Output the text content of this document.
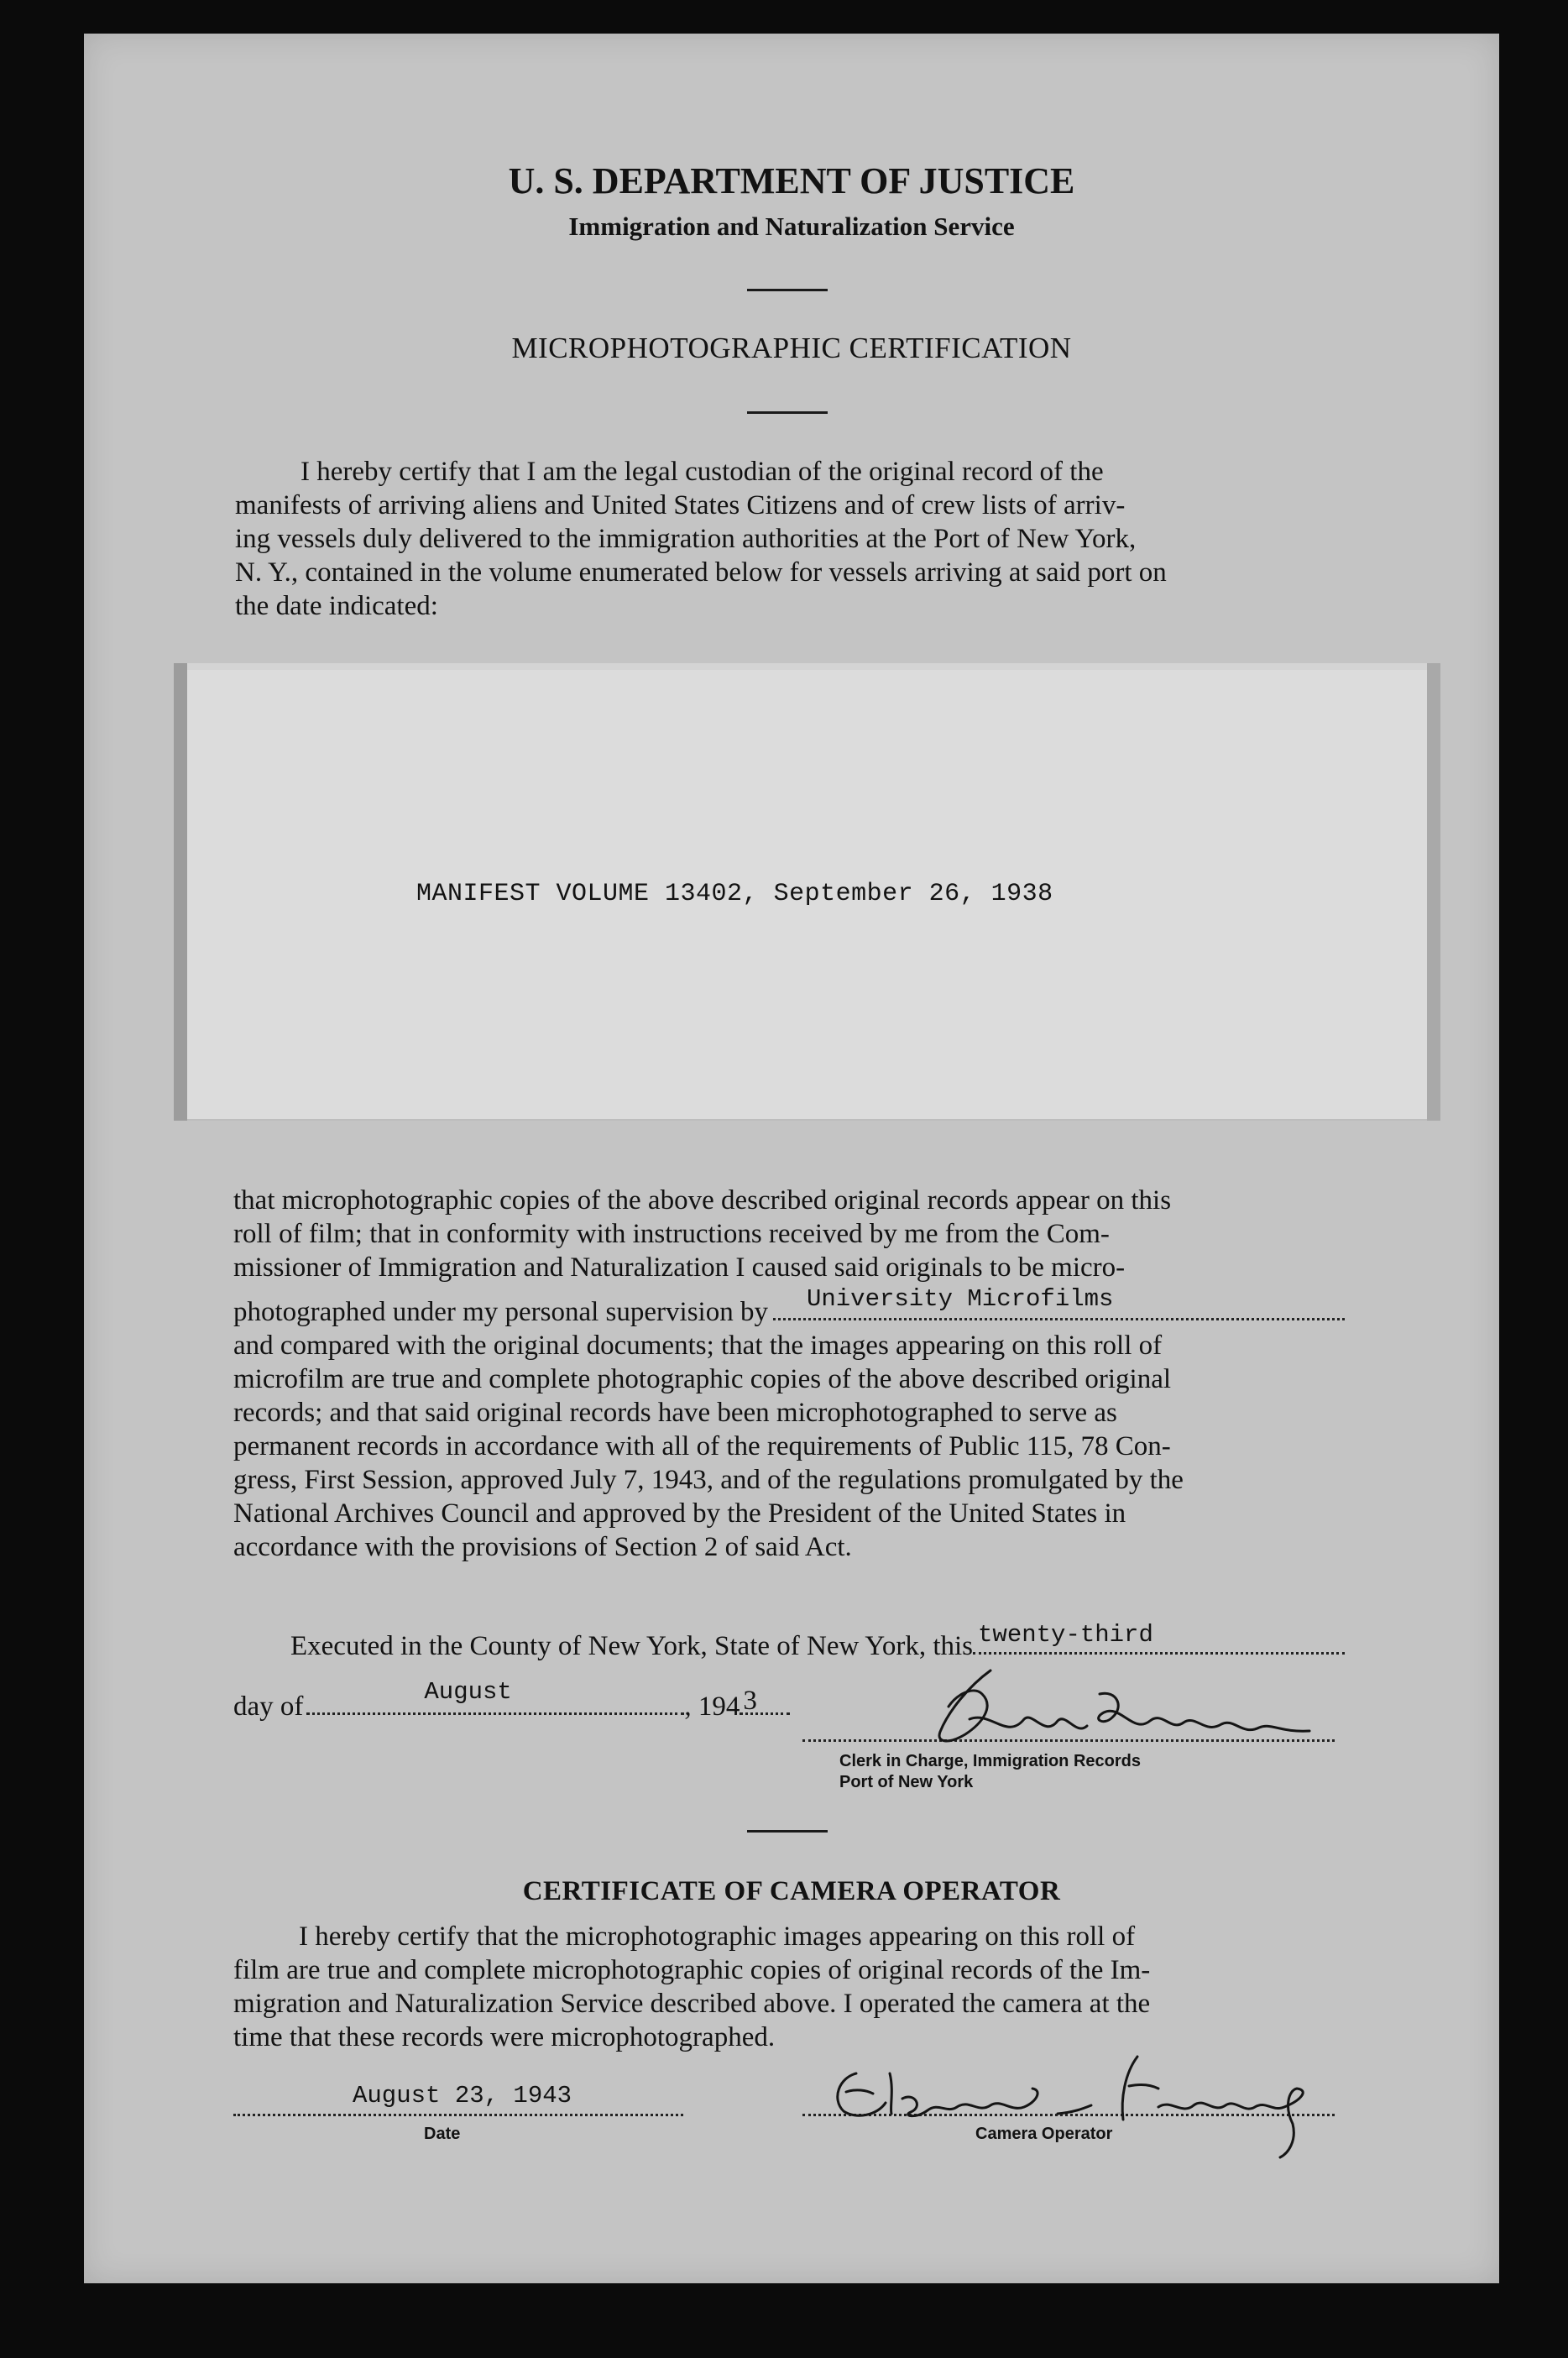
U. S. DEPARTMENT OF JUSTICE
Immigration and Naturalization Service
MICROPHOTOGRAPHIC CERTIFICATION
I hereby certify that I am the legal custodian of the original record of the
manifests of arriving aliens and United States Citizens and of crew lists of arriv-
ing vessels duly delivered to the immigration authorities at the Port of New York,
N. Y., contained in the volume enumerated below for vessels arriving at said port on
the date indicated:
MANIFEST VOLUME 13402, September 26, 1938
that microphotographic copies of the above described original records appear on this
roll of film; that in conformity with instructions received by me from the Com-
missioner of Immigration and Naturalization I caused said originals to be micro-
photographed under my personal supervision by University Microfilms
and compared with the original documents; that the images appearing on this roll of
microfilm are true and complete photographic copies of the above described original
records; and that said original records have been microphotographed to serve as
permanent records in accordance with all of the requirements of Public 115, 78 Con-
gress, First Session, approved July 7, 1943, and of the regulations promulgated by the
National Archives Council and approved by the President of the United States in
accordance with the provisions of Section 2 of said Act.
Executed in the County of New York, State of New York, this twenty-third
day of	August	, 194 3
Clerk in Charge, Immigration Records
Port of New York
CERTIFICATE OF CAMERA OPERATOR
I hereby certify that the microphotographic images appearing on this roll of
film are true and complete microphotographic copies of original records of the Im-
migration and Naturalization Service described above. I operated the camera at the
time that these records were microphotographed.
August 23, 1943
Date	Camera Operator
